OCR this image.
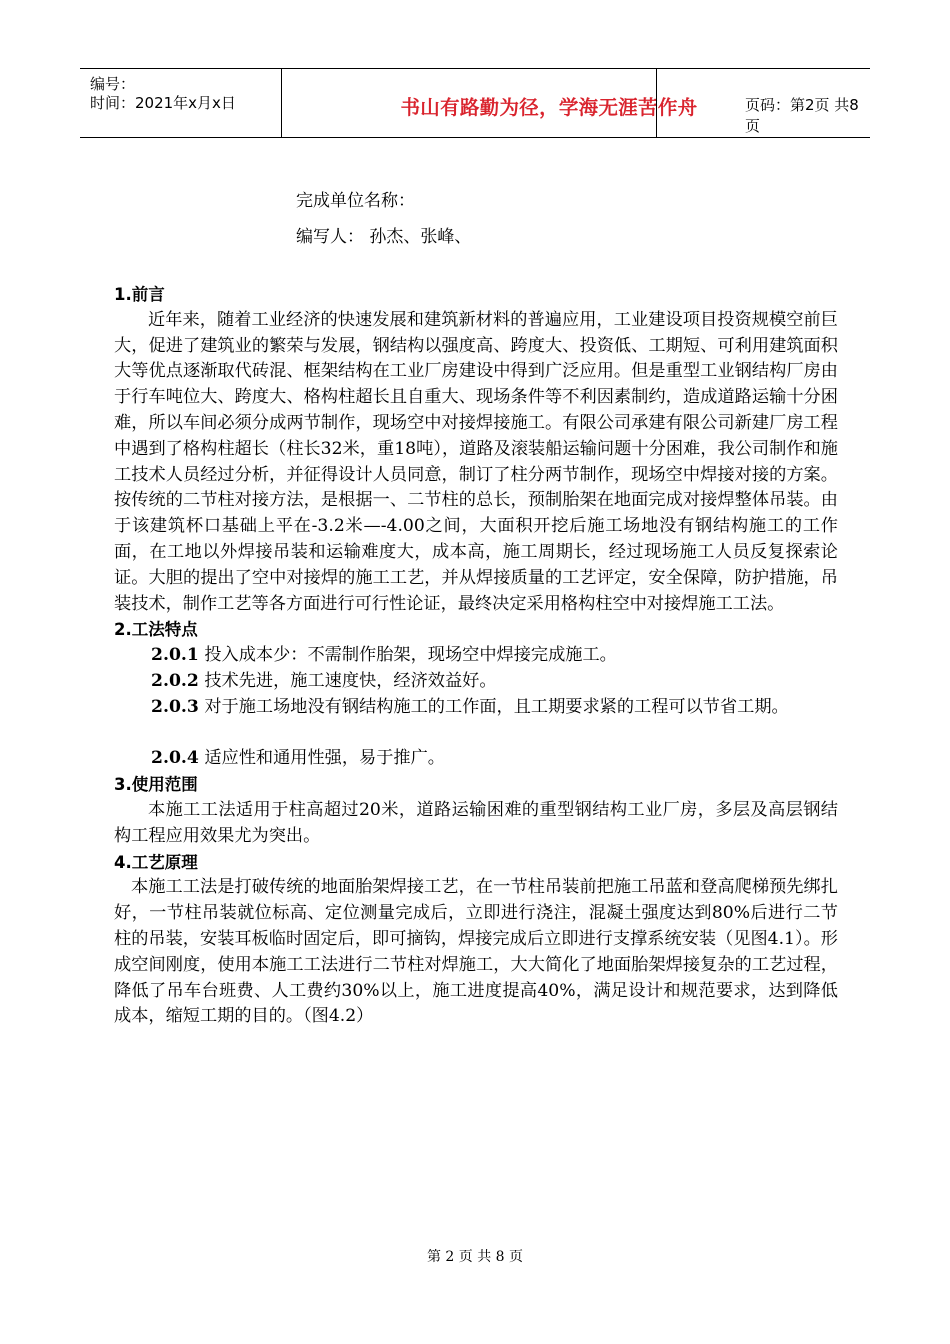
编号：
时间：2021年x月x日	书山有路勤为径，学海无涯苦作舟	页码：第2页 共8页
完成单位名称：
编写人： 孙杰、张峰、

1.前言

近年来，随着工业经济的快速发展和建筑新材料的普遍应用，工业建设项目投资规模空前巨大，促进了建筑业的繁荣与发展，钢结构以强度高、跨度大、投资低、工期短、可利用建筑面积大等优点逐渐取代砖混、框架结构在工业厂房建设中得到广泛应用。但是重型工业钢结构厂房由于行车吨位大、跨度大、格构柱超长且自重大、现场条件等不利因素制约，造成道路运输十分困难，所以车间必须分成两节制作，现场空中对接焊接施工。有限公司承建有限公司新建厂房工程中遇到了格构柱超长（柱长32米，重18吨），道路及滚装船运输问题十分困难，我公司制作和施工技术人员经过分析，并征得设计人员同意，制订了柱分两节制作，现场空中焊接对接的方案。按传统的二节柱对接方法，是根据一、二节柱的总长，预制胎架在地面完成对接焊整体吊装。由于该建筑杯口基础上平在-3.2米—-4.00之间，大面积开挖后施工场地没有钢结构施工的工作面，在工地以外焊接吊装和运输难度大，成本高，施工周期长，经过现场施工人员反复探索论证。大胆的提出了空中对接焊的施工工艺，并从焊接质量的工艺评定，安全保障，防护措施，吊装技术，制作工艺等各方面进行可行性论证，最终决定采用格构柱空中对接焊施工工法。

2.工法特点

2.0.1 投入成本少：不需制作胎架，现场空中焊接完成施工。

2.0.2 技术先进，施工速度快，经济效益好。

2.0.3 对于施工场地没有钢结构施工的工作面，且工期要求紧的工程可以节省工期。

2.0.4 适应性和通用性强，易于推广。

3.使用范围

本施工工法适用于柱高超过20米，道路运输困难的重型钢结构工业厂房，多层及高层钢结构工程应用效果尤为突出。

4.工艺原理

本施工工法是打破传统的地面胎架焊接工艺，在一节柱吊装前把施工吊蓝和登高爬梯预先绑扎好，一节柱吊装就位标高、定位测量完成后，立即进行浇注，混凝土强度达到80%后进行二节柱的吊装，安装耳板临时固定后，即可摘钩，焊接完成后立即进行支撑系统安装（见图4.1）。形成空间刚度，使用本施工工法进行二节柱对焊施工，大大简化了地面胎架焊接复杂的工艺过程，降低了吊车台班费、人工费约30%以上，施工进度提高40%，满足设计和规范要求，达到降低成本，缩短工期的目的。（图4.2）

第 2 页 共 8 页
